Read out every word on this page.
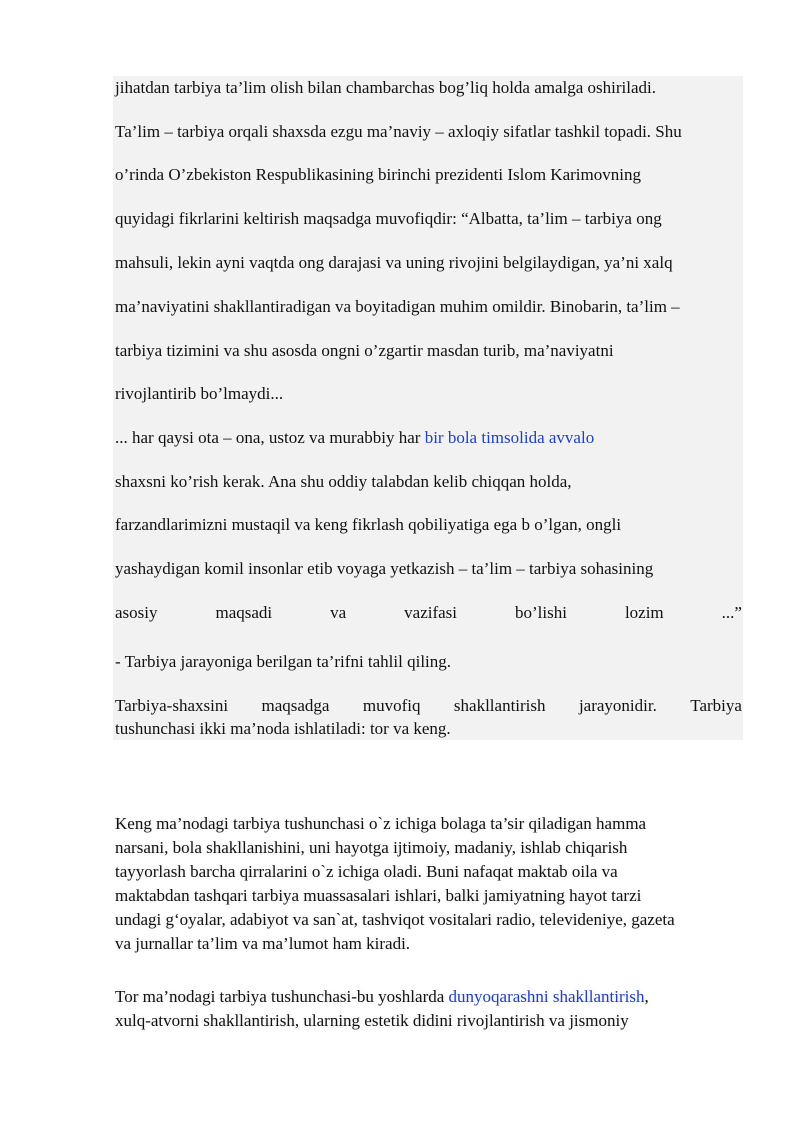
jihatdan tarbiya ta’lim olish bilan chambarchas bog’liq holda amalga oshiriladi.
Ta’lim – tarbiya orqali shaxsda ezgu ma’naviy – axloqiy sifatlar tashkil topadi. Shu
o’rinda O’zbekiston Respublikasining birinchi prezidenti Islom Karimovning
quyidagi fikrlarini keltirish maqsadga muvofiqdir: “Albatta, ta’lim – tarbiya ong
mahsuli, lekin ayni vaqtda ong darajasi va uning rivojini belgilaydigan, ya’ni xalq
ma’naviyatini shakllantiradigan va boyitadigan muhim omildir. Binobarin, ta’lim –
tarbiya tizimini va shu asosda ongni o’zgartir masdan turib, ma’naviyatni
rivojlantirib bo’lmaydi...
... har qaysi ota – ona, ustoz va murabbiy har bir bola timsolida avvalo
shaxsni ko’rish kerak. Ana shu oddiy talabdan kelib chiqqan holda,
farzandlarimizni mustaqil va keng fikrlash qobiliyatiga ega b o’lgan, ongli
yashaydigan komil insonlar etib voyaga yetkazish – ta’lim – tarbiya sohasining
asosiy	maqsadi	va	vazifasi	bo’lishi	lozim	...”
- Tarbiya jarayoniga berilgan ta’rifni tahlil qiling.
Tarbiya-shaxsini maqsadga muvofiq shakllantirish jarayonidir. Tarbiya
tushunchasi ikki ma’noda ishlatiladi: tor va keng.
Keng ma’nodagi tarbiya tushunchasi o`z ichiga bolaga ta’sir qiladigan hamma
narsani, bola shakllanishini, uni hayotga ijtimoiy, madaniy, ishlab chiqarish
tayyorlash barcha qirralarini o`z ichiga oladi. Buni nafaqat maktab oila va
maktabdan tashqari tarbiya muassasalari ishlari, balki jamiyatning hayot tarzi
undagi g‘oyalar, adabiyot va san`at, tashviqot vositalari radio, televideniye, gazeta
va jurnallar ta’lim va ma’lumot ham kiradi.
Tor ma’nodagi tarbiya tushunchasi-bu yoshlarda dunyoqarashni shakllantirish,
xulq-atvorni shakllantirish, ularning estetik didini rivojlantirish va jismoniy
